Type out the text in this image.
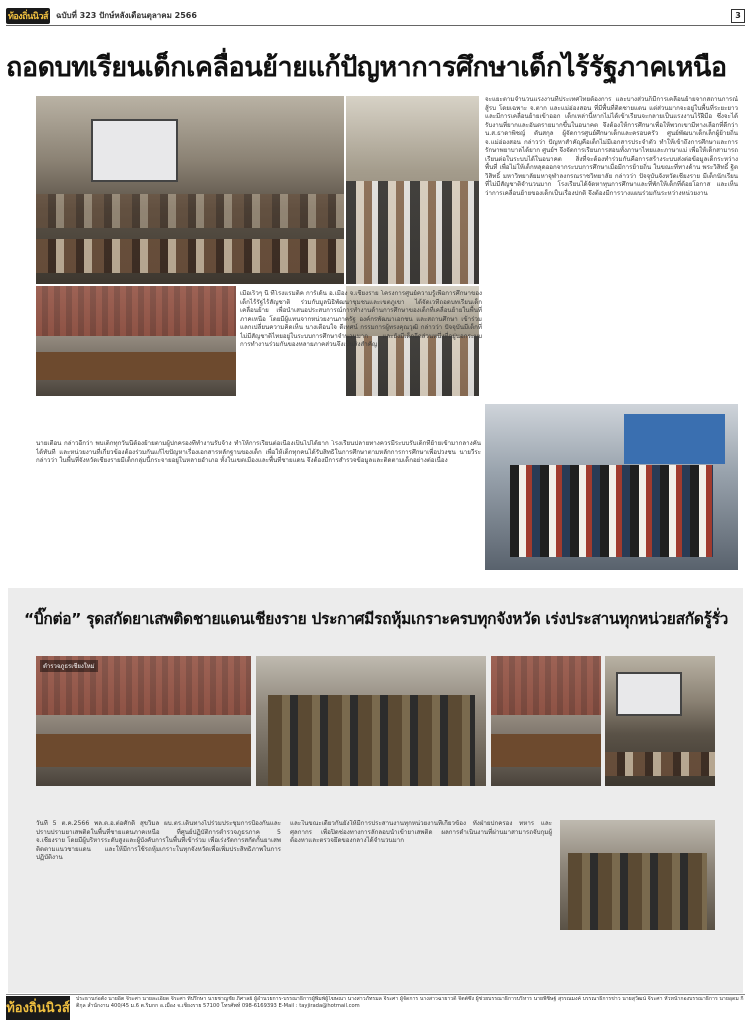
ท้องถิ่นนิวส์ ฉบับที่ 323 ปักษ์หลังเดือนตุลาคม 2566	3
ถอดบทเรียนเด็กเคลื่อนย้ายแก้ปัญหาการศึกษาเด็กไร้รัฐภาคเหนือ
จะแยะตามจำนวนแรงงานที่ประเทศไทยต้องการ และบางส่วนก็มีการเคลื่อนย้ายจากสถานการณ์สู้รบ โดยเฉพาะ จ.ตาก และแม่ฮ่องสอน ที่มีพื้นที่ติดชายแดน แต่ส่วนมากจะอยู่ในพื้นที่ระยะยาวและมีการเคลื่อนย้ายเข้าออก เด็กเหล่านี้หากไม่ได้เข้าเรียนจะกลายเป็นแรงงานไร้ฝีมือ ซึ่งจะได้รับงานที่ยากและอันตรายมากขึ้นในอนาคต จึงต้องให้การศึกษาเพื่อให้พวกเขามีทางเลือกที่ดีกว่า น.ส.ธาดาพิชญ์ ตันสกุล ผู้จัดการศูนย์ศึกษาเด็กและครอบครัว ศูนย์พัฒนาเด็กเล็กผู้ย้ายถิ่น จ.แม่ฮ่องสอน กล่าวว่า ปัญหาสำคัญคือเด็กไม่มีเอกสารประจำตัว ทำให้เข้าถึงการศึกษาและการรักษาพยาบาลได้ยาก ศูนย์ฯ จึงจัดการเรียนการสอนทั้งภาษาไทยและภาษาแม่ เพื่อให้เด็กสามารถเรียนต่อในระบบได้ในอนาคต สิ่งที่จะต้องทำร่วมกันคือการสร้างระบบส่งต่อข้อมูลเด็กระหว่างพื้นที่ เพื่อไม่ให้เด็กหลุดออกจากระบบการศึกษาเมื่อมีการย้ายถิ่น ในขณะที่ทางด้าน พระวิสิทธิ์ ฐิตวิสิทธิ์ มหาวิทยาลัยมหาจุฬาลงกรณราชวิทยาลัย กล่าวว่า ปัจจุบันจังหวัดเชียงราย มีเด็กนักเรียนที่ไม่มีสัญชาติจำนวนมาก โรงเรียนได้จัดหาทุนการศึกษาและที่พักให้เด็กที่ด้อยโอกาส และเห็นว่าการเคลื่อนย้ายของเด็กเป็นเรื่องปกติ จึงต้องมีการวางแผนร่วมกันระหว่างหน่วยงาน
เมื่อเร็วๆ นี้ ที่โรงแรมดิค การ์เด้น อ.เมือง จ.เชียงราย โครงการศูนย์ความรู้เพื่อการศึกษาของเด็กไร้รัฐไร้สัญชาติ ร่วมกับมูลนิธิพัฒนาชุมชนและเขตภูเขา ได้จัดเวทีถอดบทเรียนเด็กเคลื่อนย้าย เพื่อนำเสนอประสบการณ์การทำงานด้านการศึกษาของเด็กที่เคลื่อนย้ายในพื้นที่ภาคเหนือ โดยมีผู้แทนจากหน่วยงานภาครัฐ องค์กรพัฒนาเอกชน และสถานศึกษา เข้าร่วมแลกเปลี่ยนความคิดเห็น นางเตือนใจ ดีเทศน์ กรรมการผู้ทรงคุณวุฒิ กล่าวว่า ปัจจุบันมีเด็กที่ไม่มีสัญชาติไทยอยู่ในระบบการศึกษาจำนวนมาก และยังมีเด็กอีกส่วนหนึ่งที่อยู่นอกระบบ การทำงานร่วมกันของหลายภาคส่วนจึงเป็นสิ่งสำคัญ
นายเตือน กล่าวอีกว่า พบเด็กทุกวันนี้ต้องย้ายตามผู้ปกครองที่ทำงานรับจ้าง ทำให้การเรียนต่อเนื่องเป็นไปได้ยาก โรงเรียนปลายทางควรมีระบบรับเด็กที่ย้ายเข้ามากลางคันได้ทันที และหน่วยงานที่เกี่ยวข้องต้องร่วมกันแก้ไขปัญหาเรื่องเอกสารหลักฐานของเด็ก เพื่อให้เด็กทุกคนได้รับสิทธิในการศึกษาตามหลักการการศึกษาเพื่อปวงชน นายวีระ กล่าวว่า ในพื้นที่จังหวัดเชียงรายมีเด็กกลุ่มนี้กระจายอยู่ในหลายอำเภอ ทั้งในเขตเมืองและพื้นที่ชายแดน จึงต้องมีการสำรวจข้อมูลและติดตามเด็กอย่างต่อเนื่อง
“บิ๊กต่อ” รุดสกัดยาเสพติดชายแดนเชียงราย ประกาศมีรถหุ้มเกราะครบทุกจังหวัด เร่งประสานทุกหน่วยสกัดรู้รั่ว
ตำรวจภูธรเชียงใหม่
วันที่ 5 ต.ค.2566 พล.ต.อ.ต่อศักดิ์ สุขวิมล ผบ.ตร.เดินทางไปร่วมประชุมการป้องกันและปราบปรามยาเสพติดในพื้นที่ชายแดนภาคเหนือ ที่ศูนย์ปฏิบัติการตำรวจภูธรภาค 5 จ.เชียงราย โดยมีผู้บริหารระดับสูงและผู้บังคับการในพื้นที่เข้าร่วม เพื่อเร่งรัดการสกัดกั้นยาเสพติดตามแนวชายแดน และให้มีการใช้รถหุ้มเกราะในทุกจังหวัดเพื่อเพิ่มประสิทธิภาพในการปฏิบัติงาน
และในขณะเดียวกันยังให้มีการประสานงานทุกหน่วยงานที่เกี่ยวข้อง ทั้งฝ่ายปกครอง ทหาร และศุลกากร เพื่อปิดช่องทางการลักลอบนำเข้ายาเสพติด ผลการดำเนินงานที่ผ่านมาสามารถจับกุมผู้ต้องหาและตรวจยึดของกลางได้จำนวนมาก
ท้องถิ่นนิวส์
ประธานก่อตั้ง นายอิต จีระศา นายละเอียด จีระศา ที่ปรึกษา นายชาญชัย ภิศาลย์ ผู้อำนวยการ-บรรณาธิการผู้พิมพ์ผู้โฆษณา นางสาวภัทรมล จีระศา ผู้จัดการ นางสาวฉายาวดี จิตต์ซึ่ง ผู้ช่วยบรรณาธิการบริหาร นายพิชิษฐ์ สุรรณมงค์ บรรณาธิการข่าว นายสุวัฒน์ จีระศา หัวหน้ากองบรรณาธิการ นายอุดม กิติกุล สำนักงาน 400/45 ม.6 ต.ริมกก อ.เมือง จ.เชียงราย 57100 โทรศัพท์ 098-6169393 E-Mail : tayjirada@hotmail.com
